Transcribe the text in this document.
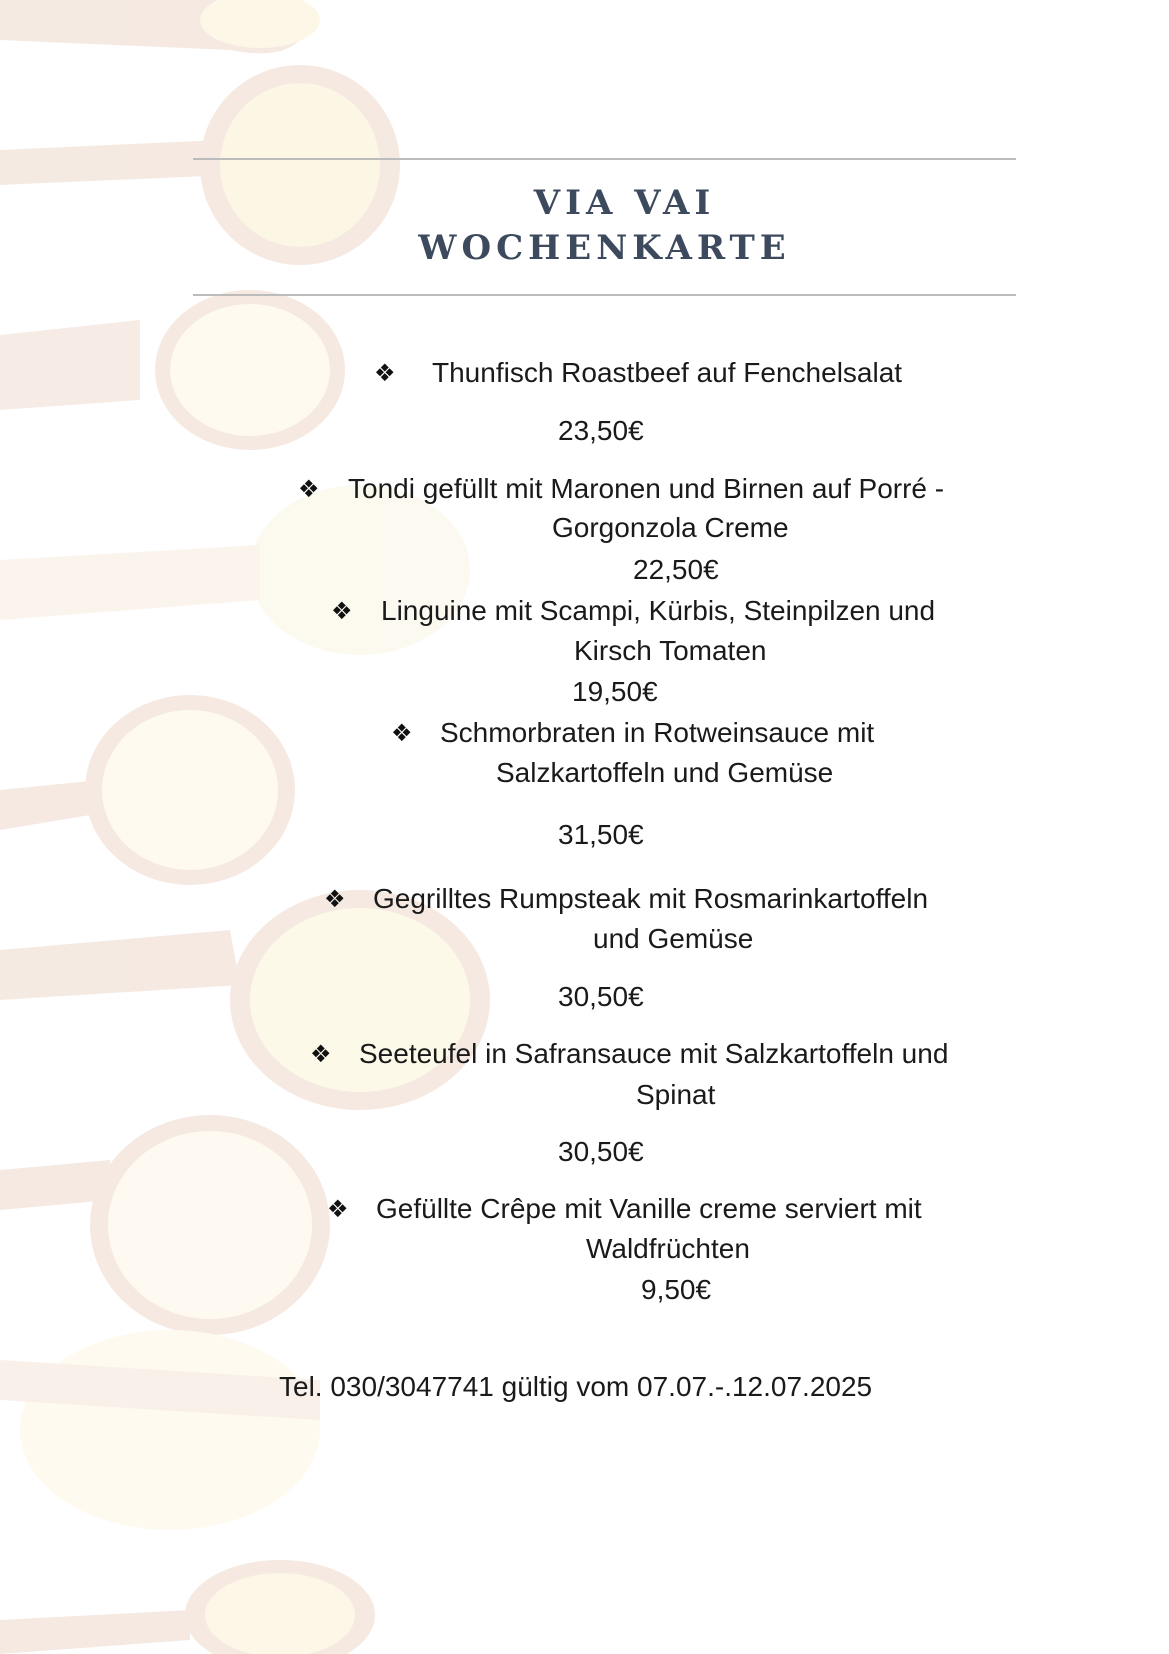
VIA VAI
WOCHENKARTE
❖ Thunfisch Roastbeef auf Fenchelsalat
23,50€
❖ Tondi gefüllt mit Maronen und Birnen auf Porré -
Gorgonzola Creme
22,50€
❖ Linguine mit Scampi, Kürbis, Steinpilzen und
Kirsch Tomaten
19,50€
❖ Schmorbraten in Rotweinsauce mit
Salzkartoffeln und Gemüse
31,50€
❖ Gegrilltes Rumpsteak mit Rosmarinkartoffeln
und Gemüse
30,50€
❖ Seeteufel in Safransauce mit Salzkartoffeln und
Spinat
30,50€
❖ Gefüllte Crêpe mit Vanille creme serviert mit
Waldfrüchten
9,50€
Tel. 030/3047741 gültig vom 07.07.-.12.07.2025
